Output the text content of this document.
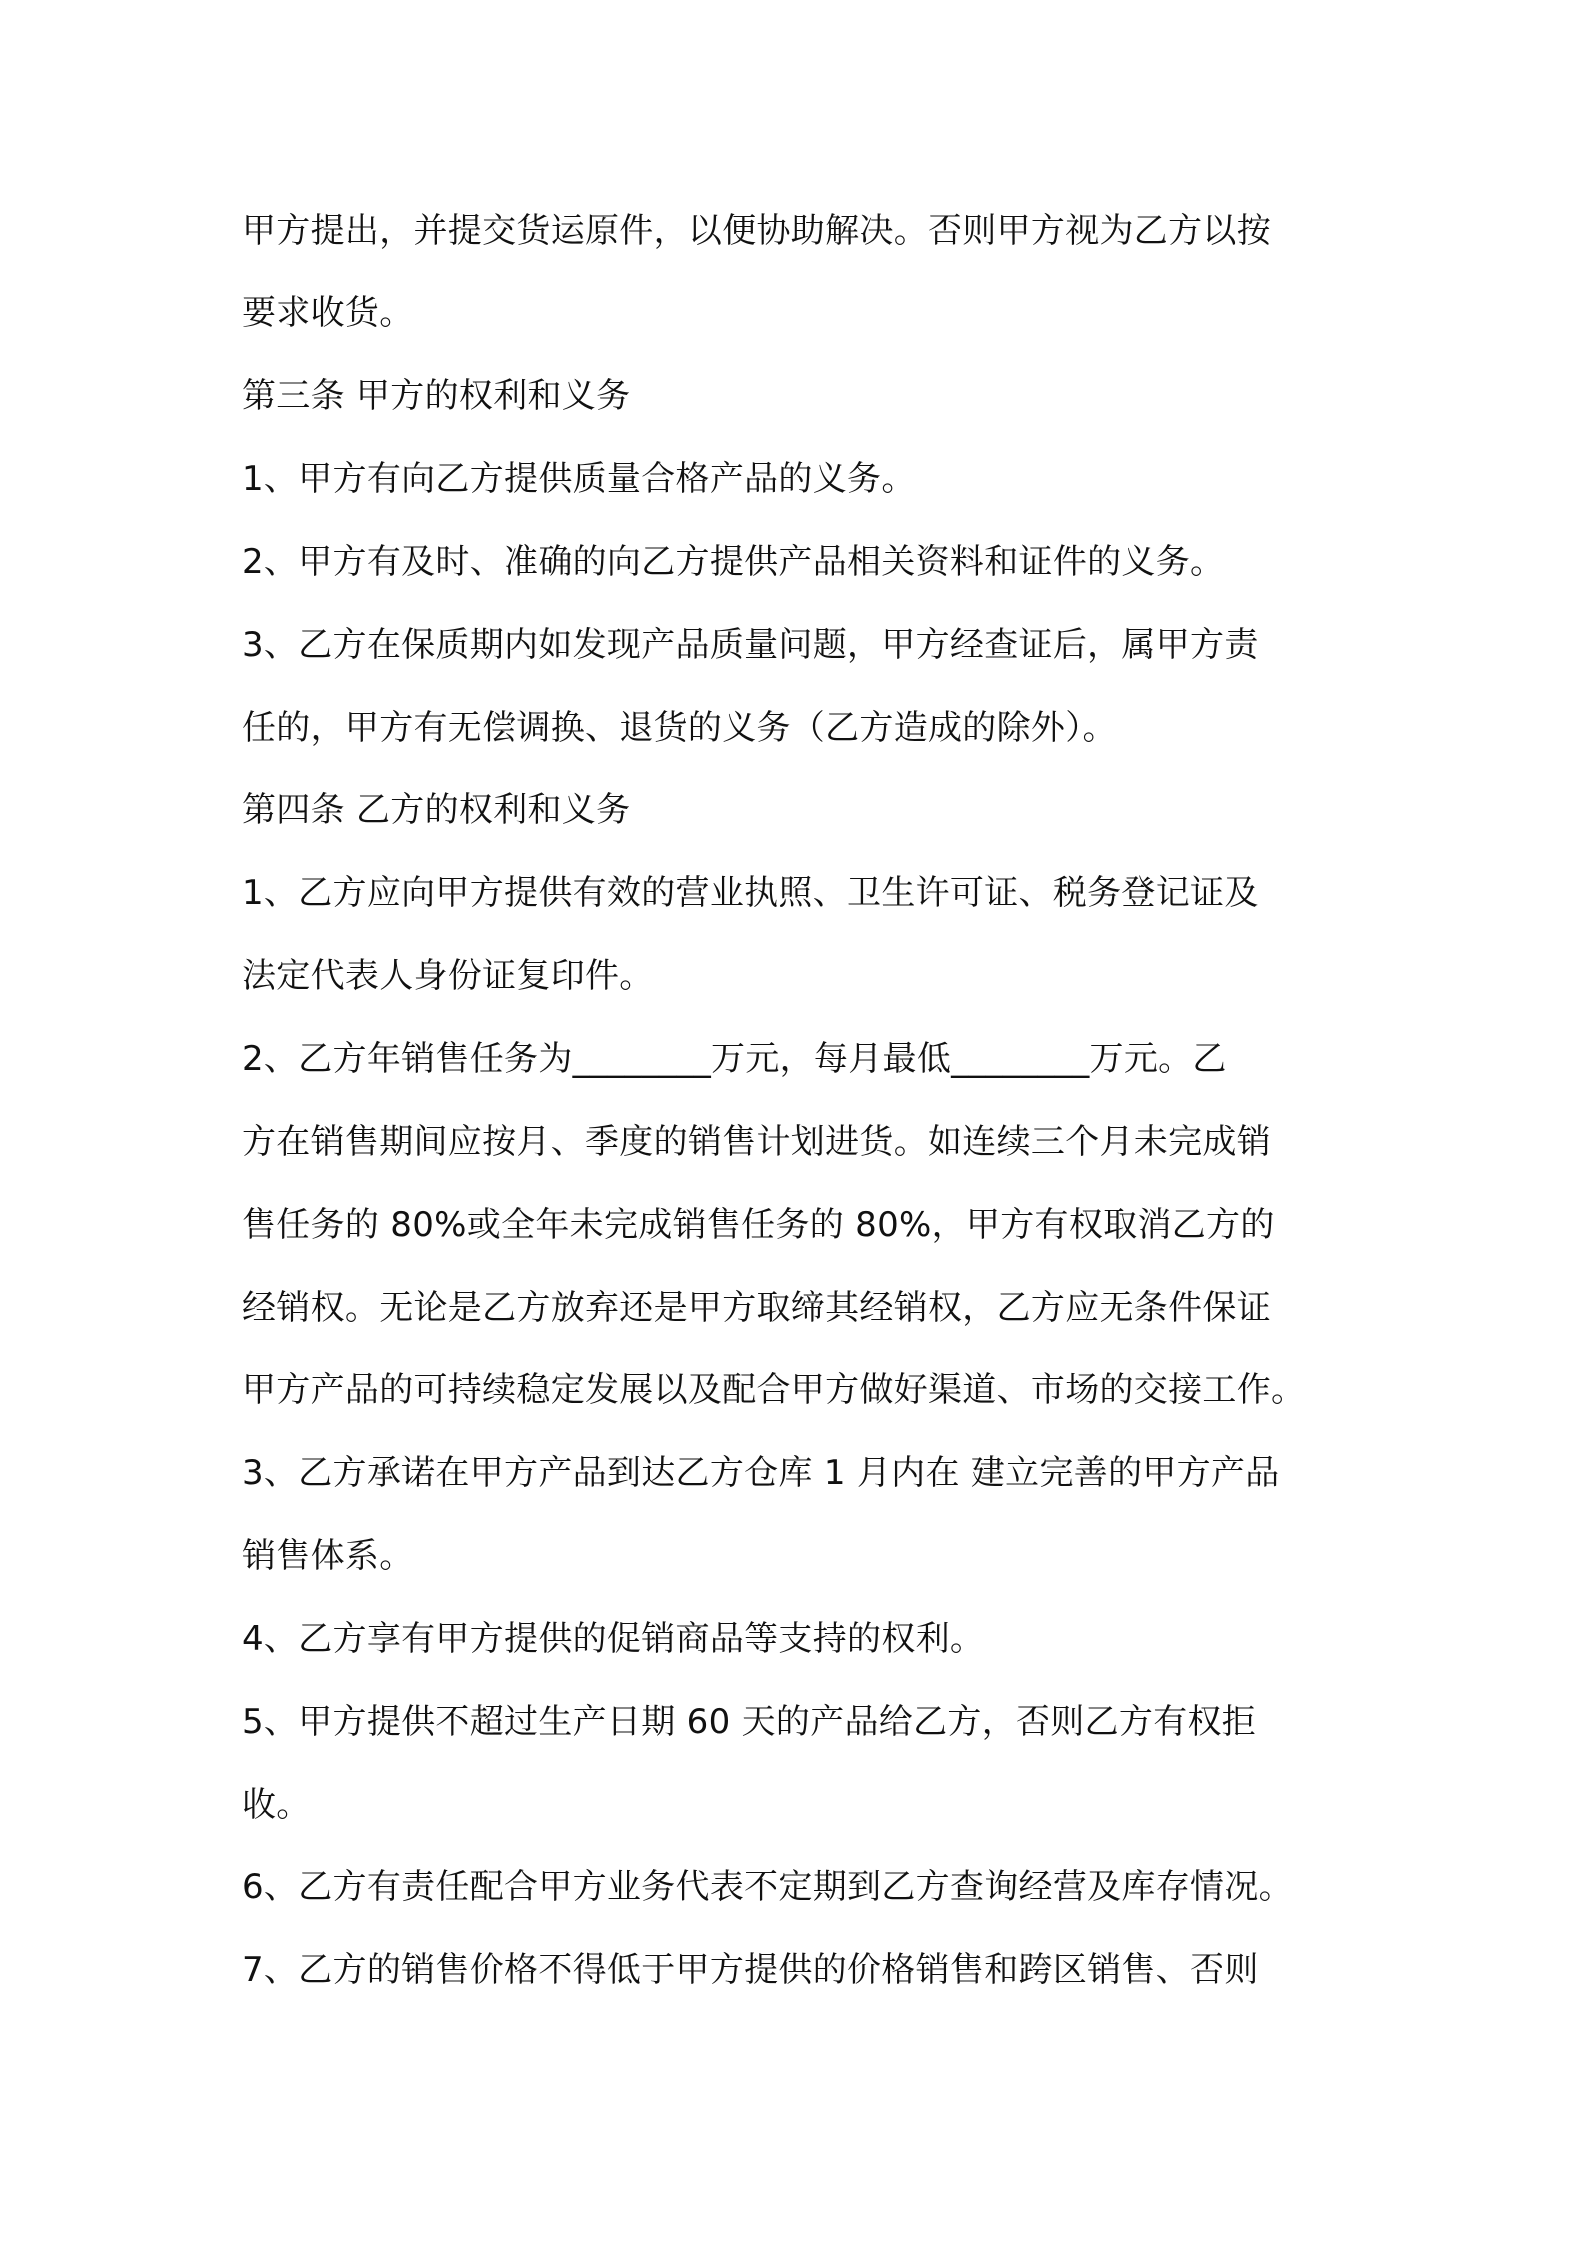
甲方提出，并提交货运原件，以便协助解决。否则甲方视为乙方以按
要求收货。
第三条 甲方的权利和义务
1、甲方有向乙方提供质量合格产品的义务。
2、甲方有及时、准确的向乙方提供产品相关资料和证件的义务。
3、乙方在保质期内如发现产品质量问题，甲方经查证后，属甲方责
任的，甲方有无偿调换、退货的义务（乙方造成的除外）。
第四条 乙方的权利和义务
1、乙方应向甲方提供有效的营业执照、卫生许可证、税务登记证及
法定代表人身份证复印件。
2、乙方年销售任务为________万元，每月最低________万元。乙
方在销售期间应按月、季度的销售计划进货。如连续三个月未完成销
售任务的 80%或全年未完成销售任务的 80%，甲方有权取消乙方的
经销权。无论是乙方放弃还是甲方取缔其经销权，乙方应无条件保证
甲方产品的可持续稳定发展以及配合甲方做好渠道、市场的交接工作。
3、乙方承诺在甲方产品到达乙方仓库 1 月内在 建立完善的甲方产品
销售体系。
4、乙方享有甲方提供的促销商品等支持的权利。
5、甲方提供不超过生产日期 60 天的产品给乙方，否则乙方有权拒
收。
6、乙方有责任配合甲方业务代表不定期到乙方查询经营及库存情况。
7、乙方的销售价格不得低于甲方提供的价格销售和跨区销售、否则
